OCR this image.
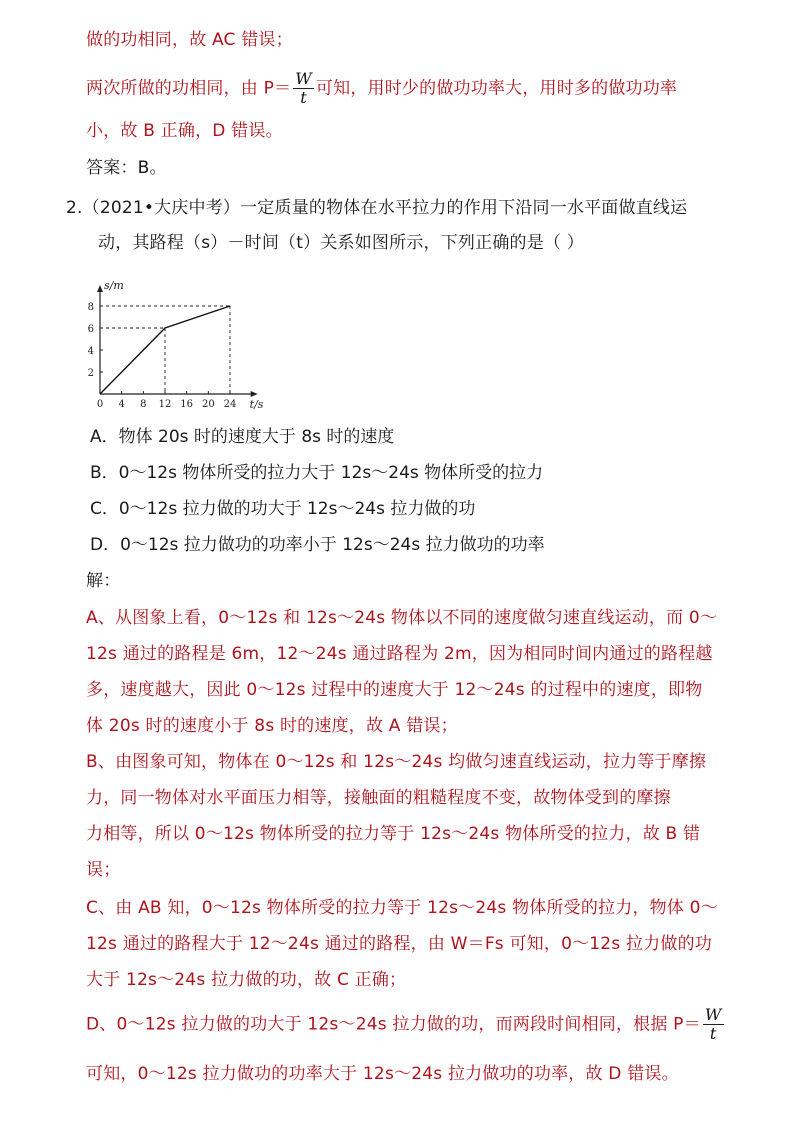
做的功相同，故 AC 错误；
两次所做的功相同，由 $P= \frac{W}{t}$ 可知，用时少的做功功率大，用时多的做功功率
小，故 B 正确，D 错误。
答案：B。
2.（2021•大庆中考）一定质量的物体在水平拉力的作用下沿同一水平面做直线运
动，其路程（s）－时间（t）关系如图所示，下列正确的是（ ）
t/s
s/m
0 4 8 12 16 20 24
2
4
6
8
A．物体 20s 时的速度大于 8s 时的速度
B．0～12s 物体所受的拉力大于 12s～24s 物体所受的拉力
C．0～12s 拉力做的功大于 12s～24s 拉力做的功
D．0～12s 拉力做功的功率小于 12s～24s 拉力做功的功率
解：
A、从图象上看，0～12s 和 12s～24s 物体以不同的速度做匀速直线运动，而 0～
12s 通过的路程是 6m，12～24s 通过路程为 2m，因为相同时间内通过的路程越
多，速度越大，因此 0～12s 过程中的速度大于 12～24s 的过程中的速度，即物
体 20s 时的速度小于 8s 时的速度，故 A 错误；
B、由图象可知，物体在 0～12s 和 12s～24s 均做匀速直线运动，拉力等于摩擦
力，同一物体对水平面压力相等，接触面的粗糙程度不变，故物体受到的摩擦
力相等，所以 0～12s 物体所受的拉力等于 12s～24s 物体所受的拉力，故 B 错
误；
C、由 AB 知，0～12s 物体所受的拉力等于 12s～24s 物体所受的拉力，物体 0～
12s 通过的路程大于 12～24s 通过的路程，由 W＝Fs 可知，0～12s 拉力做的功
大于 12s～24s 拉力做的功，故 C 正确；
D、0～12s 拉力做的功大于 12s～24s 拉力做的功，而两段时间相同，根据 $P= \frac{W}{t}$
可知，0～12s 拉力做功的功率大于 12s～24s 拉力做功的功率，故 D 错误。
